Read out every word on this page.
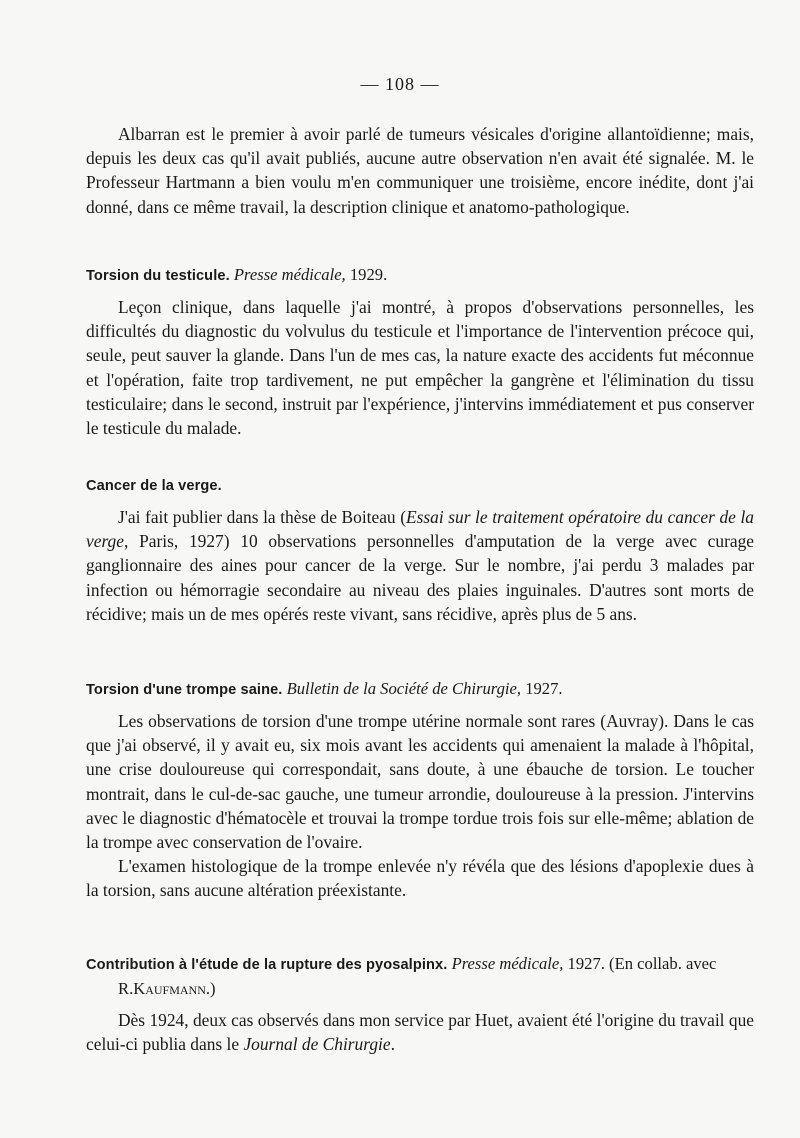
— 108 —

Albarran est le premier à avoir parlé de tumeurs vésicales d'origine allantoïdienne; mais, depuis les deux cas qu'il avait publiés, aucune autre observation n'en avait été signalée. M. le Professeur Hartmann a bien voulu m'en communiquer une troisième, encore inédite, dont j'ai donné, dans ce même travail, la description clinique et anatomo-pathologique.

Torsion du testicule. Presse médicale, 1929.

Leçon clinique, dans laquelle j'ai montré, à propos d'observations personnelles, les difficultés du diagnostic du volvulus du testicule et l'importance de l'intervention précoce qui, seule, peut sauver la glande. Dans l'un de mes cas, la nature exacte des accidents fut méconnue et l'opération, faite trop tardivement, ne put empêcher la gangrène et l'élimination du tissu testiculaire; dans le second, instruit par l'expérience, j'intervins immédiatement et pus conserver le testicule du malade.

Cancer de la verge.

J'ai fait publier dans la thèse de Boiteau (Essai sur le traitement opératoire du cancer de la verge, Paris, 1927) 10 observations personnelles d'amputation de la verge avec curage ganglionnaire des aines pour cancer de la verge. Sur le nombre, j'ai perdu 3 malades par infection ou hémorragie secondaire au niveau des plaies inguinales. D'autres sont morts de récidive; mais un de mes opérés reste vivant, sans récidive, après plus de 5 ans.

Torsion d'une trompe saine. Bulletin de la Société de Chirurgie, 1927.

Les observations de torsion d'une trompe utérine normale sont rares (Auvray). Dans le cas que j'ai observé, il y avait eu, six mois avant les accidents qui amenaient la malade à l'hôpital, une crise douloureuse qui correspondait, sans doute, à une ébauche de torsion. Le toucher montrait, dans le cul-de-sac gauche, une tumeur arrondie, douloureuse à la pression. J'intervins avec le diagnostic d'hématocèle et trouvai la trompe tordue trois fois sur elle-même; ablation de la trompe avec conservation de l'ovaire.

L'examen histologique de la trompe enlevée n'y révéla que des lésions d'apoplexie dues à la torsion, sans aucune altération préexistante.

Contribution à l'étude de la rupture des pyosalpinx. Presse médicale, 1927. (En collab. avec R.Kaufmann.)

Dès 1924, deux cas observés dans mon service par Huet, avaient été l'origine du travail que celui-ci publia dans le Journal de Chirurgie.
